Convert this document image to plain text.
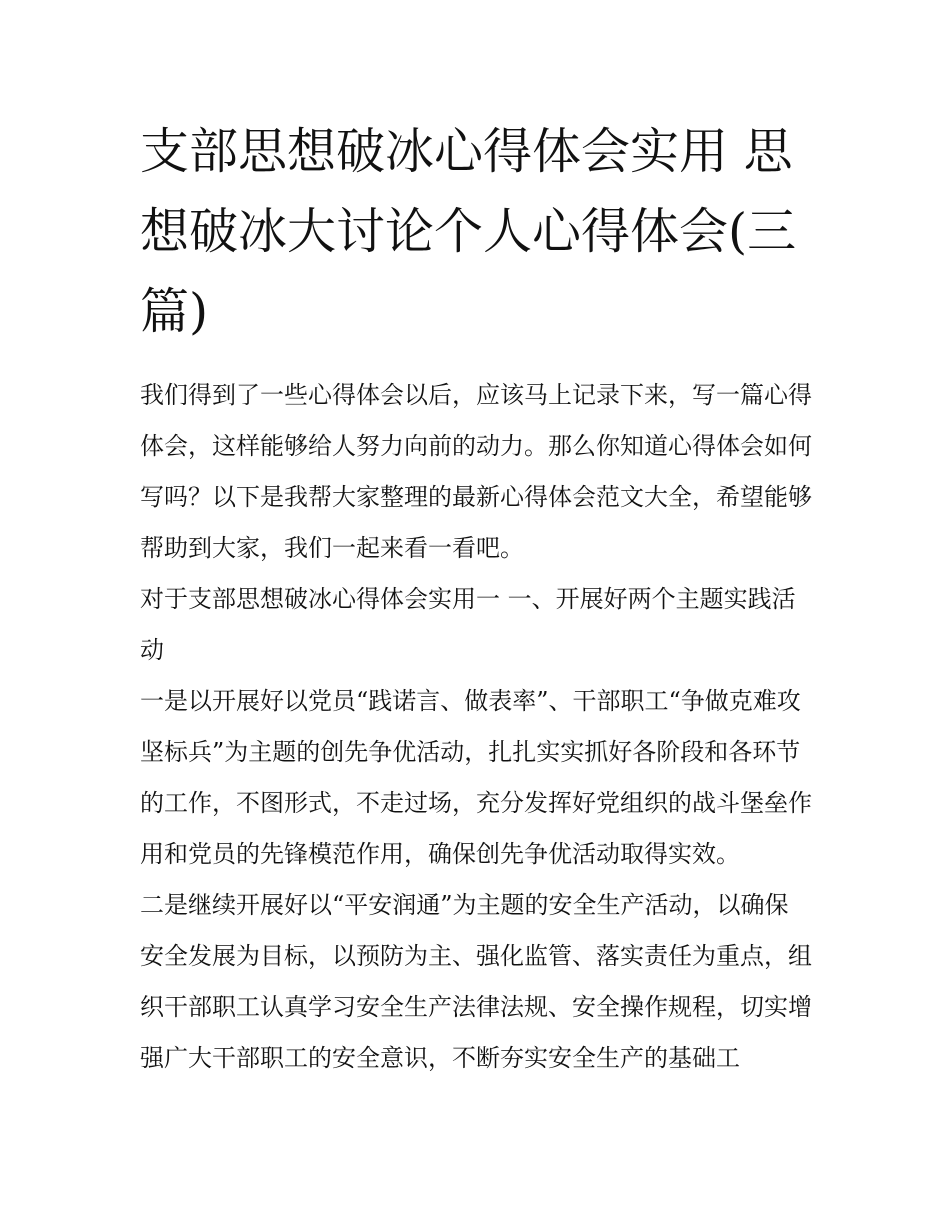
支部思想破冰心得体会实用 思想破冰大讨论个人心得体会(三篇)

我们得到了一些心得体会以后，应该马上记录下来，写一篇心得体会，这样能够给人努力向前的动力。那么你知道心得体会如何写吗？以下是我帮大家整理的最新心得体会范文大全，希望能够帮助到大家，我们一起来看一看吧。

对于支部思想破冰心得体会实用一 一、开展好两个主题实践活动

一是以开展好以党员“践诺言、做表率”、干部职工“争做克难攻坚标兵”为主题的创先争优活动，扎扎实实抓好各阶段和各环节的工作，不图形式，不走过场，充分发挥好党组织的战斗堡垒作用和党员的先锋模范作用，确保创先争优活动取得实效。

二是继续开展好以“平安润通”为主题的安全生产活动，以确保安全发展为目标，以预防为主、强化监管、落实责任为重点，组织干部职工认真学习安全生产法律法规、安全操作规程，切实增强广大干部职工的安全意识，不断夯实安全生产的基础工
